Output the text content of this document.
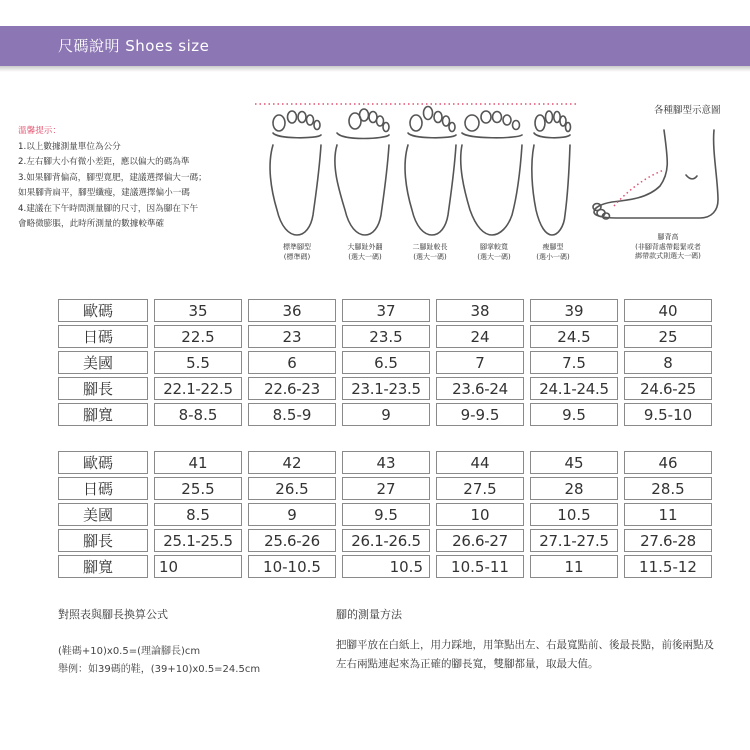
尺碼說明 Shoes size
溫馨提示：
1.以上數據測量單位為公分
2.左右腳大小有微小差距，應以偏大的碼為準
3.如果腳背偏高，腳型寬肥，建議選擇偏大一碼；
如果腳背扁平，腳型纖瘦，建議選擇偏小一碼
4.建議在下午時間測量腳的尺寸，因為腳在下午
會略微膨脹，此時所測量的數據較準確
各種腳型示意圖
標準腳型
(標準碼)
大腳趾外翻
(選大一碼)
二腳趾較長
(選大一碼)
腳掌較寬
(選大一碼)
瘦腳型
(選小一碼)
腳背高
(非腳背處帶鬆緊或者
綁帶款式則選大一碼)
歐碼	35	36	37	38	39	40
日碼	22.5	23	23.5	24	24.5	25
美國	5.5	6	6.5	7	7.5	8
腳長	22.1-22.5	22.6-23	23.1-23.5	23.6-24	24.1-24.5	24.6-25
腳寬	8-8.5	8.5-9	9	9-9.5	9.5	9.5-10
歐碼	41	42	43	44	45	46
日碼	25.5	26.5	27	27.5	28	28.5
美國	8.5	9	9.5	10	10.5	11
腳長	25.1-25.5	25.6-26	26.1-26.5	26.6-27	27.1-27.5	27.6-28
腳寬	10	10-10.5	10.5	10.5-11	11	11.5-12
對照表與腳長換算公式
(鞋碼+10)x0.5=(理論腳長)cm
舉例：如39碼的鞋，(39+10)x0.5=24.5cm
腳的測量方法
把腳平放在白紙上，用力踩地，用筆點出左、右最寬點前、後最長點，前後兩點及左右兩點連起來為正確的腳長寬，雙腳都量，取最大值。
